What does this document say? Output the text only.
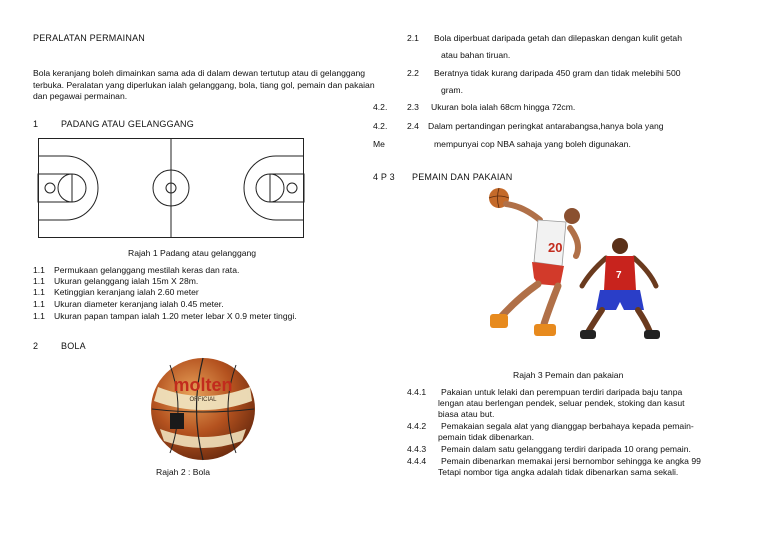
PERALATAN PERMAINAN
Bola keranjang boleh dimainkan sama ada di dalam dewan tertutup atau di gelanggang terbuka. Peralatan yang diperlukan ialah gelanggang, bola, tiang gol, pemain dan pakaian dan pegawai permainan.
1	PADANG ATAU GELANGGANG
Rajah 1 Padang atau gelanggang
1.1 Permukaan gelanggang mestilah keras dan rata.
1.1 Ukuran gelanggang ialah 15m X 28m.
1.1 Ketinggian keranjang ialah 2.60 meter
1.1 Ukuran diameter keranjang ialah 0.45 meter.
1.1 Ukuran papan tampan ialah 1.20 meter lebar X 0.9 meter tinggi.
2	BOLA
molten
OFFICIAL
Rajah 2 : Bola
2.1 Bola diperbuat daripada getah dan dilepaskan dengan kulit getah
atau bahan tiruan.
2.2 Beratnya tidak kurang daripada 450 gram dan tidak melebihi 500
gram.
4.2. 2.3 Ukuran bola ialah 68cm hingga 72cm.
4.2. 2.4 Dalam pertandingan peringkat antarabangsa,hanya bola yang
Me	mempunyai cop NBA sahaja yang boleh digunakan.
4 P 3 PEMAIN DAN PAKAIAN
20
7
Rajah 3 Pemain dan pakaian
4.4.1 Pakaian untuk lelaki dan perempuan terdiri daripada baju tanpa
lengan atau berlengan pendek, seluar pendek, stoking dan kasut
biasa atau but.
4.4.2 Pemakaian segala alat yang dianggap berbahaya kepada pemain-
pemain tidak dibenarkan.
4.4.3 Pemain dalam satu gelanggang terdiri daripada 10 orang pemain.
4.4.4 Pemain dibenarkan memakai jersi bernombor sehingga ke angka 99
Tetapi nombor tiga angka adalah tidak dibenarkan sama sekali.
